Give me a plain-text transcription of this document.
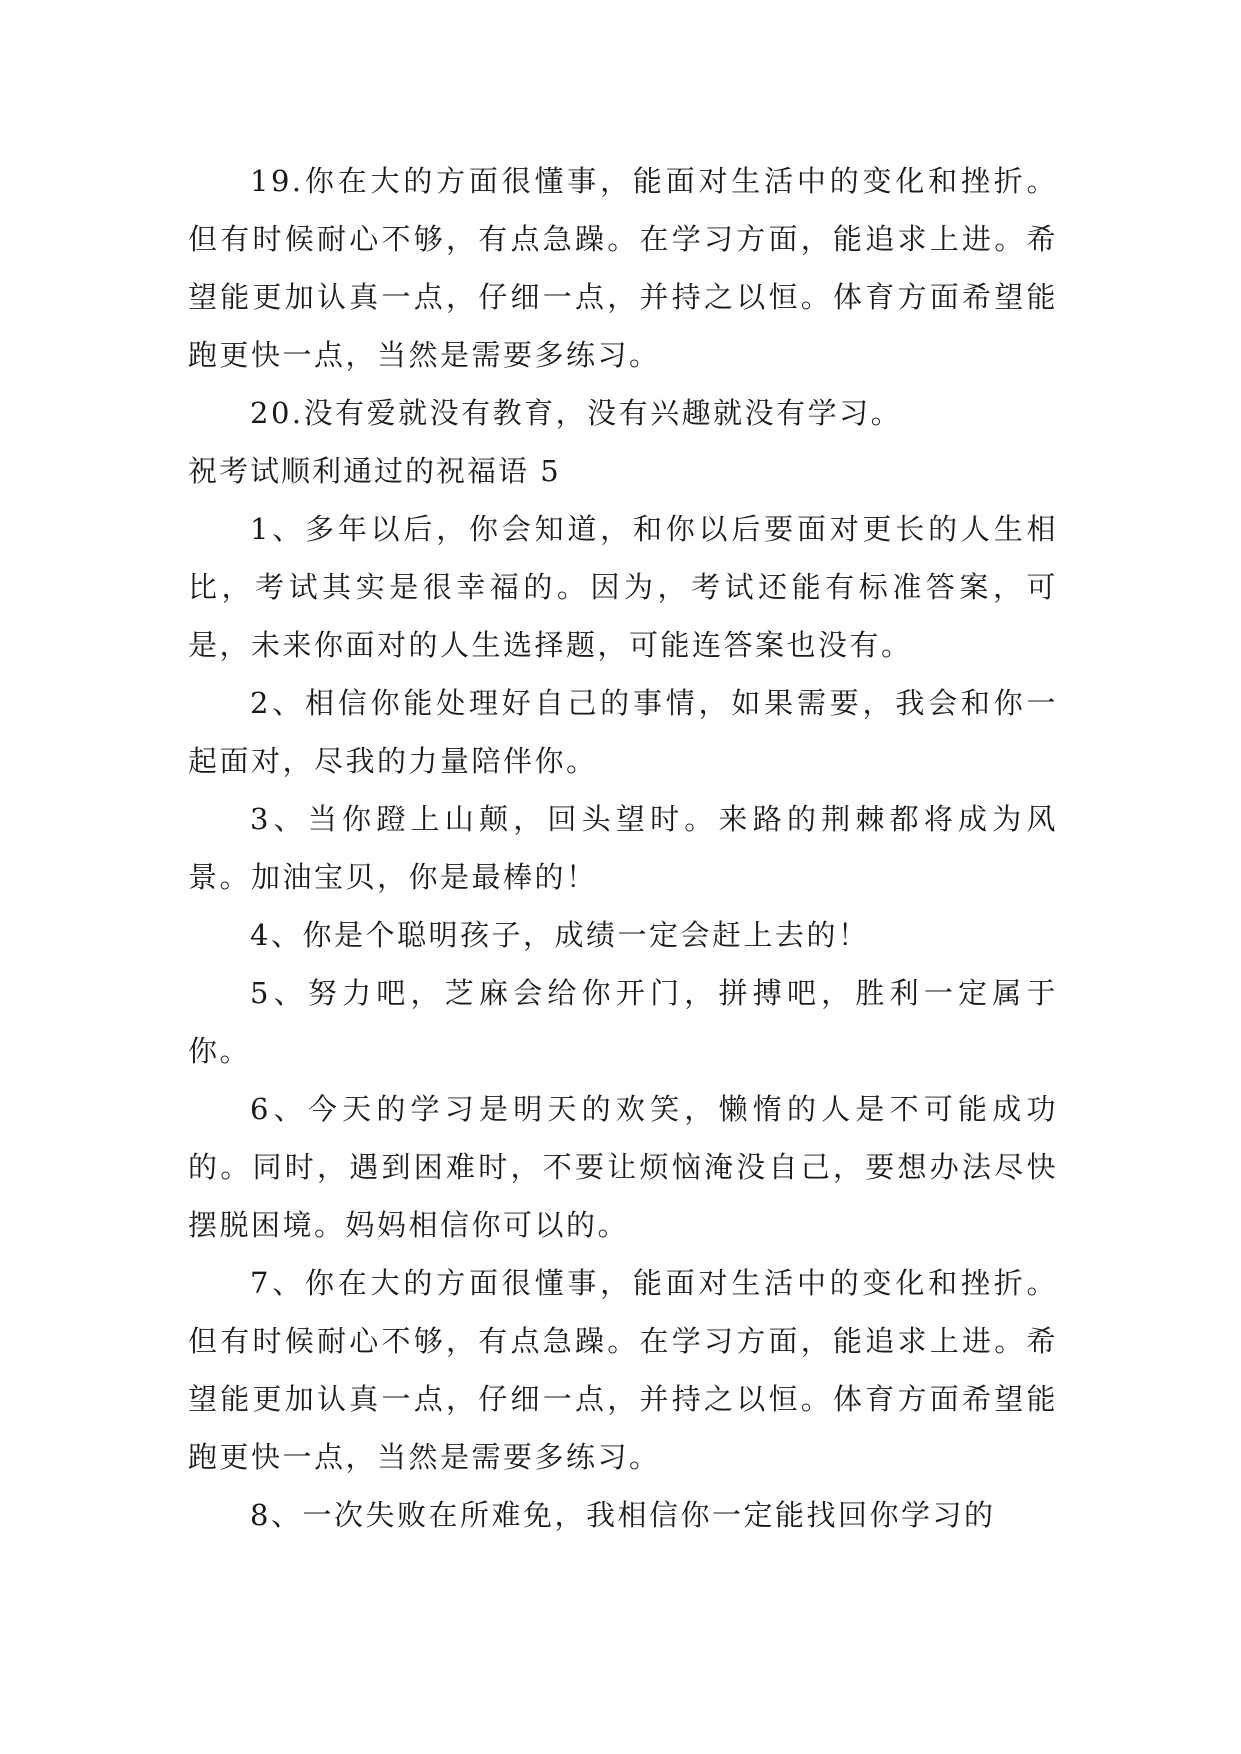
19.你在大的方面很懂事，能面对生活中的变化和挫折。但有时候耐心不够，有点急躁。在学习方面，能追求上进。希望能更加认真一点，仔细一点，并持之以恒。体育方面希望能跑更快一点，当然是需要多练习。

20.没有爱就没有教育，没有兴趣就没有学习。

祝考试顺利通过的祝福语 5

1、多年以后，你会知道，和你以后要面对更长的人生相比，考试其实是很幸福的。因为，考试还能有标准答案，可是，未来你面对的人生选择题，可能连答案也没有。

2、相信你能处理好自己的事情，如果需要，我会和你一起面对，尽我的力量陪伴你。

3、当你蹬上山颠，回头望时。来路的荆棘都将成为风景。加油宝贝，你是最棒的！

4、你是个聪明孩子，成绩一定会赶上去的！

5、努力吧，芝麻会给你开门，拼搏吧，胜利一定属于你。

6、今天的学习是明天的欢笑，懒惰的人是不可能成功的。同时，遇到困难时，不要让烦恼淹没自己，要想办法尽快摆脱困境。妈妈相信你可以的。

7、你在大的方面很懂事，能面对生活中的变化和挫折。但有时候耐心不够，有点急躁。在学习方面，能追求上进。希望能更加认真一点，仔细一点，并持之以恒。体育方面希望能跑更快一点，当然是需要多练习。

8、一次失败在所难免，我相信你一定能找回你学习的
